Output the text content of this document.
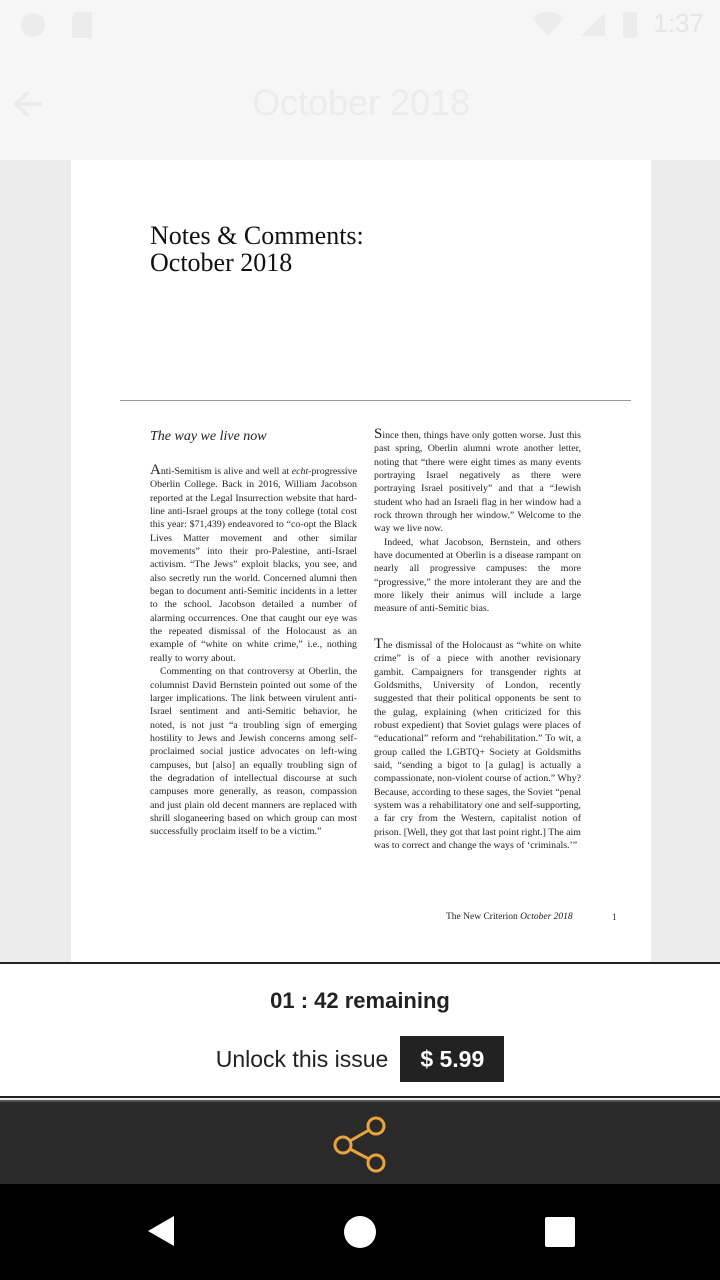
1:37
October 2018
Notes & Comments:
October 2018
The way we live now

Anti-Semitism is alive and well at echt-progressive Oberlin College. Back in 2016, William Jacobson reported at the Legal Insurrection website that hard-line anti-Israel groups at the tony college (total cost this year: $71,439) endeavored to “co-opt the Black Lives Matter movement and other similar movements” into their pro-Palestine, anti-Israel activism. “The Jews” exploit blacks, you see, and also secretly run the world. Concerned alumni then began to document anti-Semitic incidents in a letter to the school. Jacobson detailed a number of alarming occurrences. One that caught our eye was the repeated dismissal of the Holocaust as an example of “white on white crime,” i.e., nothing really to worry about.

Commenting on that controversy at Oberlin, the columnist David Bernstein pointed out some of the larger implications. The link between virulent anti-Israel sentiment and anti-Semitic behavior, he noted, is not just “a troubling sign of emerging hostility to Jews and Jewish concerns among self-proclaimed social justice advocates on left-wing campuses, but [also] an equally troubling sign of the degradation of intellectual discourse at such campuses more generally, as reason, compassion and just plain old decent manners are replaced with shrill sloganeering based on which group can most successfully proclaim itself to be a victim.”

Since then, things have only gotten worse. Just this past spring, Oberlin alumni wrote another letter, noting that “there were eight times as many events portraying Israel negatively as there were portraying Israel positively” and that a “Jewish student who had an Israeli flag in her window had a rock thrown through her window.” Welcome to the way we live now.

Indeed, what Jacobson, Bernstein, and others have documented at Oberlin is a disease rampant on nearly all progressive campuses: the more “progressive,” the more intolerant they are and the more likely their animus will include a large measure of anti-Semitic bias.

The dismissal of the Holocaust as “white on white crime” is of a piece with another revisionary gambit. Campaigners for transgender rights at Goldsmiths, University of London, recently suggested that their political opponents be sent to the gulag, explaining (when criticized for this robust expedient) that Soviet gulags were places of “educational” reform and “rehabilitation.” To wit, a group called the LGBTQ+ Society at Goldsmiths said, “sending a bigot to [a gulag] is actually a compassionate, non-violent course of action.” Why? Because, according to these sages, the Soviet “penal system was a rehabilitatory one and self-supporting, a far cry from the Western, capitalist notion of prison. [Well, they got that last point right.] The aim was to correct and change the ways of ‘criminals.’”

The New Criterion October 2018	1
01 : 42 remaining
Unlock this issue	$ 5.99
